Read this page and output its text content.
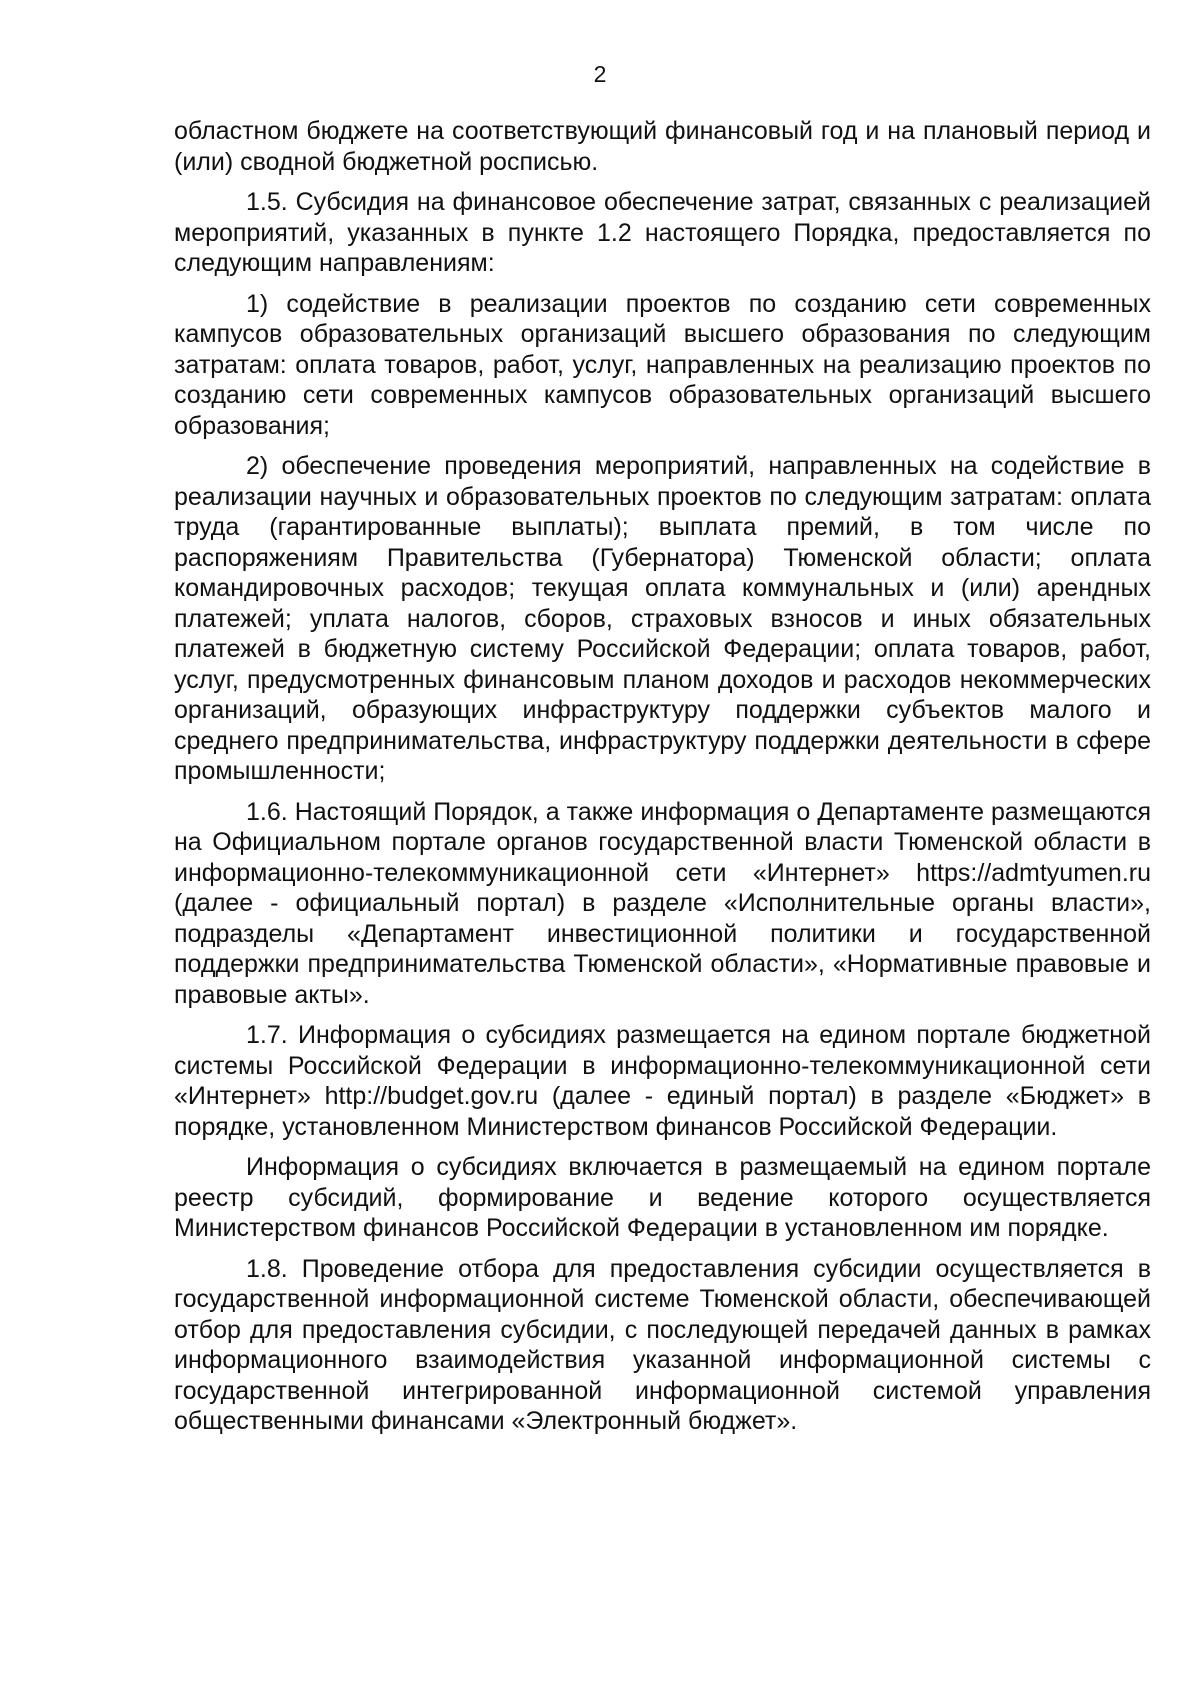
2

областном бюджете на соответствующий финансовый год и на плановый период и (или) сводной бюджетной росписью.

1.5. Субсидия на финансовое обеспечение затрат, связанных с реализацией мероприятий, указанных в пункте 1.2 настоящего Порядка, предоставляется по следующим направлениям:

1) содействие в реализации проектов по созданию сети современных кампусов образовательных организаций высшего образования по следующим затратам: оплата товаров, работ, услуг, направленных на реализацию проектов по созданию сети современных кампусов образовательных организаций высшего образования;

2) обеспечение проведения мероприятий, направленных на содействие в реализации научных и образовательных проектов по следующим затратам: оплата труда (гарантированные выплаты); выплата премий, в том числе по распоряжениям Правительства (Губернатора) Тюменской области; оплата командировочных расходов; текущая оплата коммунальных и (или) арендных платежей; уплата налогов, сборов, страховых взносов и иных обязательных платежей в бюджетную систему Российской Федерации; оплата товаров, работ, услуг, предусмотренных финансовым планом доходов и расходов некоммерческих организаций, образующих инфраструктуру поддержки субъектов малого и среднего предпринимательства, инфраструктуру поддержки деятельности в сфере промышленности;

1.6. Настоящий Порядок, а также информация о Департаменте размещаются на Официальном портале органов государственной власти Тюменской области в информационно-телекоммуникационной сети «Интернет» https://admtyumen.ru (далее - официальный портал) в разделе «Исполнительные органы власти», подразделы «Департамент инвестиционной политики и государственной поддержки предпринимательства Тюменской области», «Нормативные правовые и правовые акты».

1.7. Информация о субсидиях размещается на едином портале бюджетной системы Российской Федерации в информационно-телекоммуникационной сети «Интернет» http://budget.gov.ru (далее - единый портал) в разделе «Бюджет» в порядке, установленном Министерством финансов Российской Федерации.

Информация о субсидиях включается в размещаемый на едином портале реестр субсидий, формирование и ведение которого осуществляется Министерством финансов Российской Федерации в установленном им порядке.

1.8. Проведение отбора для предоставления субсидии осуществляется в государственной информационной системе Тюменской области, обеспечивающей отбор для предоставления субсидии, с последующей передачей данных в рамках информационного взаимодействия указанной информационной системы с государственной интегрированной информационной системой управления общественными финансами «Электронный бюджет».
